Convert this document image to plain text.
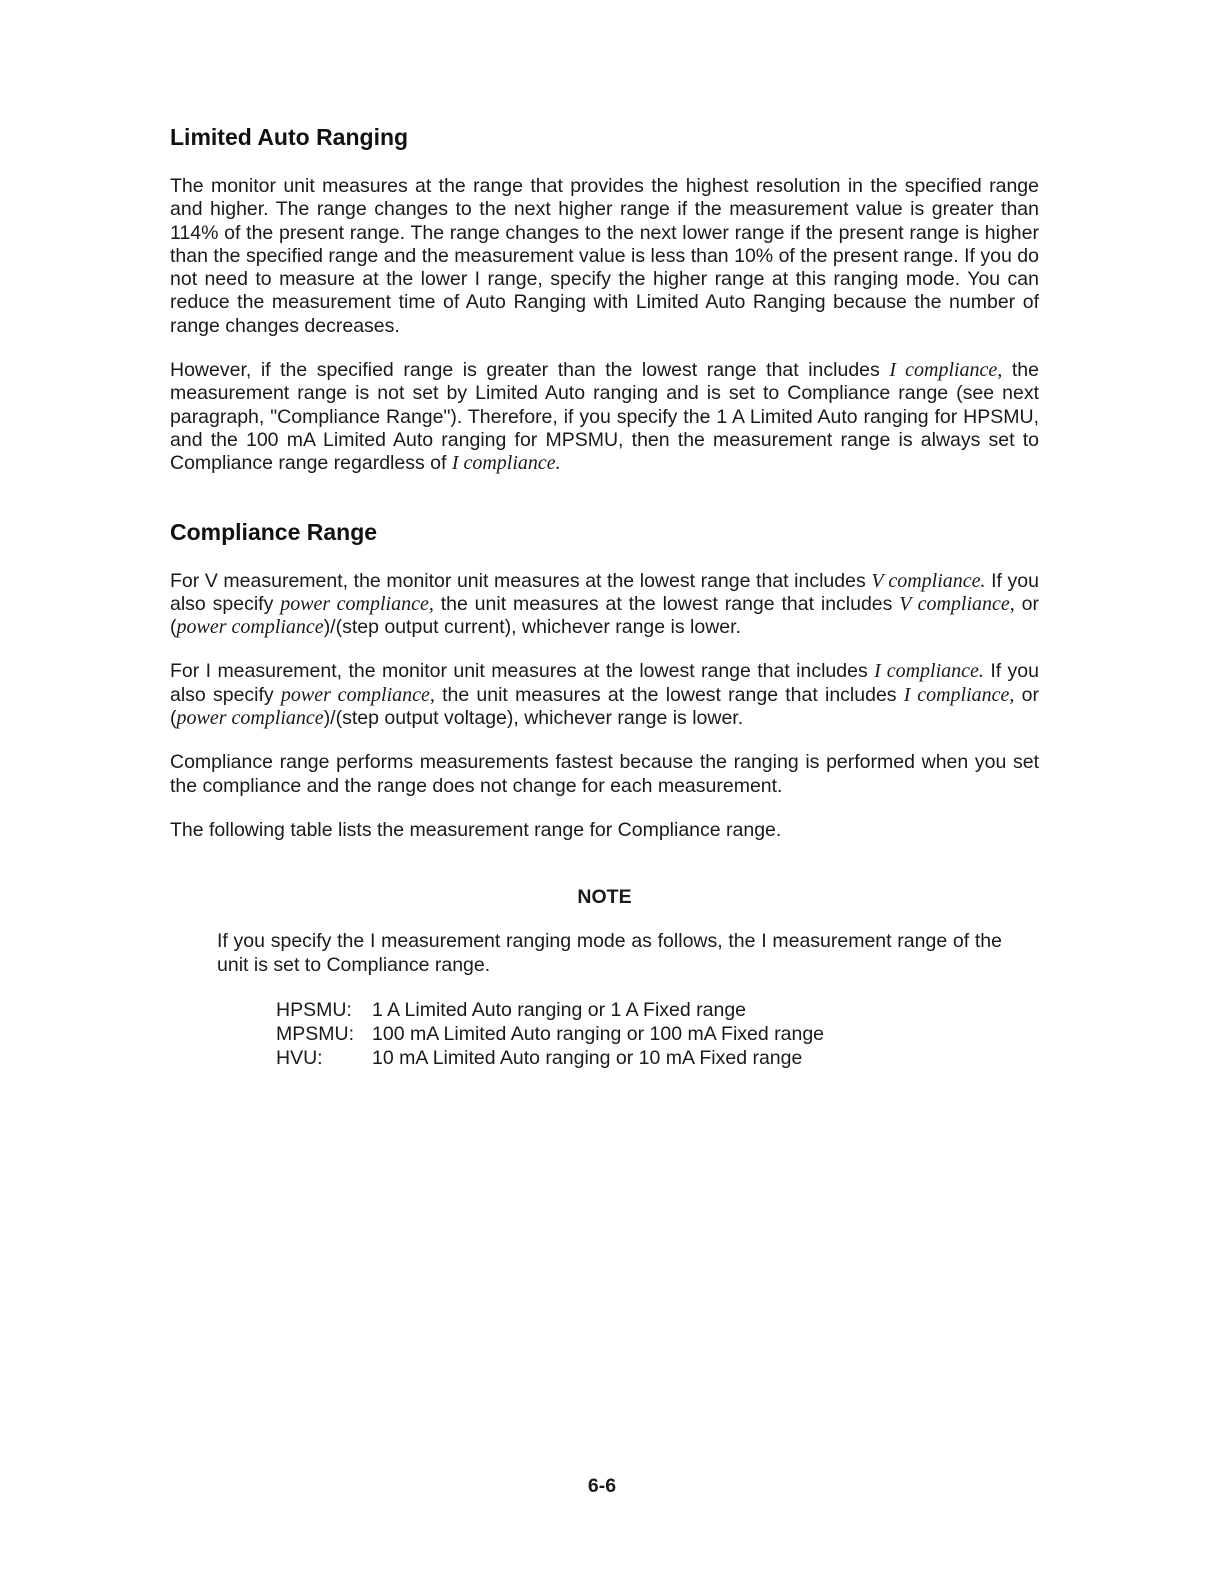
Limited Auto Ranging

The monitor unit measures at the range that provides the highest resolution in the specified range and higher. The range changes to the next higher range if the measurement value is greater than 114% of the present range. The range changes to the next lower range if the present range is higher than the specified range and the measurement value is less than 10% of the present range. If you do not need to measure at the lower I range, specify the higher range at this ranging mode. You can reduce the measurement time of Auto Ranging with Limited Auto Ranging because the number of range changes decreases.

However, if the specified range is greater than the lowest range that includes I compliance, the measurement range is not set by Limited Auto ranging and is set to Compliance range (see next paragraph, "Compliance Range"). Therefore, if you specify the 1 A Limited Auto ranging for HPSMU, and the 100 mA Limited Auto ranging for MPSMU, then the measurement range is always set to Compliance range regardless of I compliance.

Compliance Range

For V measurement, the monitor unit measures at the lowest range that includes V compliance. If you also specify power compliance, the unit measures at the lowest range that includes V compliance, or (power compliance)/(step output current), whichever range is lower.

For I measurement, the monitor unit measures at the lowest range that includes I compliance. If you also specify power compliance, the unit measures at the lowest range that includes I compliance, or (power compliance)/(step output voltage), whichever range is lower.

Compliance range performs measurements fastest because the ranging is performed when you set the compliance and the range does not change for each measurement.

The following table lists the measurement range for Compliance range.

NOTE

If you specify the I measurement ranging mode as follows, the I measurement range of the unit is set to Compliance range.

HPSMU:	1 A Limited Auto ranging or 1 A Fixed range
MPSMU: 100 mA Limited Auto ranging or 100 mA Fixed range
HVU:	10 mA Limited Auto ranging or 10 mA Fixed range
6-6
